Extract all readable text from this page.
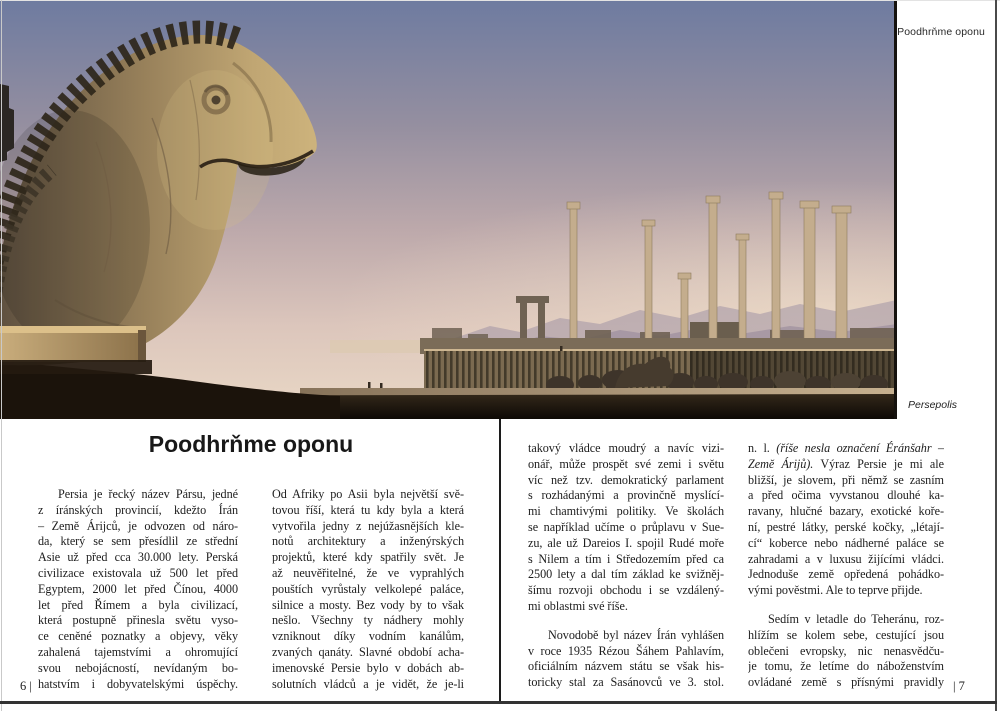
Poodhrňme oponu
Persepolis
Poodhrňme oponu
Persia je řecký název Pársu, jedné
z íránských provincií, kdežto Írán
– Země Árijců, je odvozen od náro-
da, který se sem přesídlil ze střední
Asie už před cca 30.000 lety. Perská
civilizace existovala už 500 let před
Egyptem, 2000 let před Čínou, 4000
let před Římem a byla civilizací,
která postupně přinesla světu vyso-
ce ceněné poznatky a objevy, věky
zahalená tajemstvími a ohromující
svou nebojácností, nevídaným bo-
hatstvím i dobyvatelskými úspěchy.
Od Afriky po Asii byla největší svě-
tovou říší, která tu kdy byla a která
vytvořila jedny z nejúžasnějších kle-
notů architektury a inženýrských
projektů, které kdy spatřily svět. Je
až neuvěřitelné, že ve vyprahlých
pouštích vyrůstaly velkolepé paláce,
silnice a mosty. Bez vody by to však
nešlo. Všechny ty nádhery mohly
vzniknout díky vodním kanálům,
zvaných qanáty. Slavné období acha-
imenovské Persie bylo v dobách ab-
solutních vládců a je vidět, že je-li
6 |
takový vládce moudrý a navíc vizi-
onář, může prospět své zemi i světu
víc než tzv. demokratický parlament
s rozhádanými a provinčně myslící-
mi chamtivými politiky. Ve školách
se například učíme o průplavu v Sue-
zu, ale už Dareios I. spojil Rudé moře
s Nilem a tím i Středozemím před ca
2500 lety a dal tím základ ke svižněj-
šímu rozvoji obchodu i se vzdálený-
mi oblastmi své říše.
Novodobě byl název Írán vyhlášen
v roce 1935 Rézou Šáhem Pahlavím,
oficiálním názvem státu se však his-
toricky stal za Sasánovců ve 3. stol.
n. l. (říše nesla označení Éránšahr –
Země Árijů). Výraz Persie je mi ale
bližší, je slovem, při němž se zasním
a před očima vyvstanou dlouhé ka-
ravany, hlučné bazary, exotické koře-
ní, pestré látky, perské kočky, „létají-
cí“ koberce nebo nádherné paláce se
zahradami a v luxusu žijícími vládci.
Jednoduše země opředená pohádko-
vými pověstmi. Ale to teprve přijde.
Sedím v letadle do Teheránu, roz-
hlížím se kolem sebe, cestující jsou
oblečeni evropsky, nic nenasvědču-
je tomu, že letíme do náboženstvím
ovládané země s přísnými pravidly | 7
